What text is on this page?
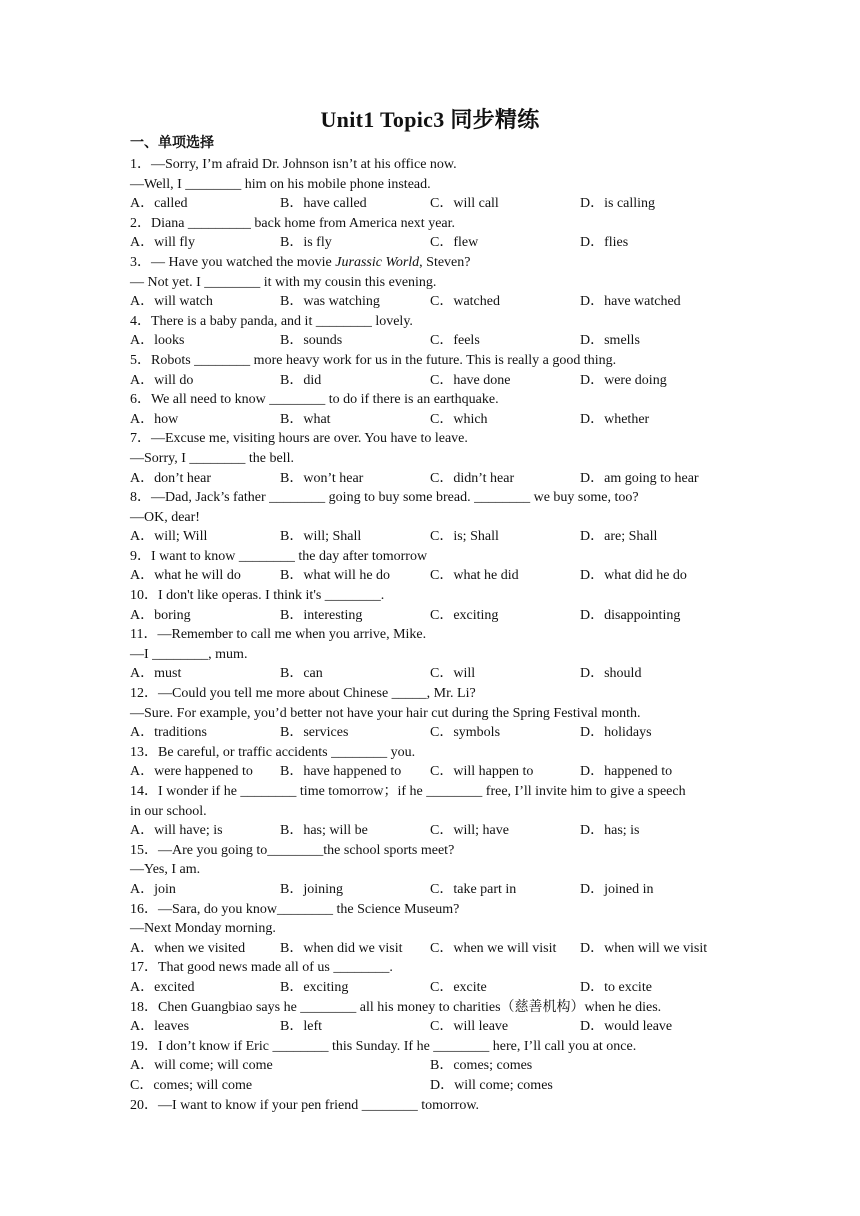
Unit1 Topic3 同步精练
一、单项选择
1．—Sorry, I’m afraid Dr. Johnson isn’t at his office now.
—Well, I ________ him on his mobile phone instead.
A．called	B．have called	C．will call	D．is calling
2．Diana _________ back home from America next year.
A．will fly	B．is fly	C．flew	D．flies
3．— Have you watched the movie Jurassic World, Steven?
— Not yet. I ________ it with my cousin this evening.
A．will watch	B．was watching	C．watched	D．have watched
4．There is a baby panda, and it ________ lovely.
A．looks	B．sounds	C．feels	D．smells
5．Robots ________ more heavy work for us in the future. This is really a good thing.
A．will do	B．did	C．have done	D．were doing
6．We all need to know ________ to do if there is an earthquake.
A．how	B．what	C．which	D．whether
7．—Excuse me, visiting hours are over. You have to leave.
—Sorry, I ________ the bell.
A．don’t hear	B．won’t hear	C．didn’t hear	D．am going to hear
8．—Dad, Jack’s father ________ going to buy some bread. ________ we buy some, too?
—OK, dear!
A．will; Will	B．will; Shall	C．is; Shall	D．are; Shall
9．I want to know ________ the day after tomorrow
A．what he will do	B．what will he do	C．what he did	D．what did he do
10．I don't like operas. I think it's ________.
A．boring	B．interesting	C．exciting	D．disappointing
11．—Remember to call me when you arrive, Mike.
—I ________, mum.
A．must	B．can	C．will	D．should
12．—Could you tell me more about Chinese _____, Mr. Li?
—Sure. For example, you’d better not have your hair cut during the Spring Festival month.
A．traditions	B．services	C．symbols	D．holidays
13．Be careful, or traffic accidents ________ you.
A．were happened to	B．have happened to	C．will happen to	D．happened to
14．I wonder if he ________ time tomorrow；if he ________ free, I’ll invite him to give a speech
in our school.
A．will have; is	B．has; will be	C．will; have	D．has; is
15．—Are you going to________the school sports meet?
—Yes, I am.
A．join	B．joining	C．take part in	D．joined in
16．—Sara, do you know________ the Science Museum?
—Next Monday morning.
A．when we visited	B．when did we visit	C．when we will visit	D．when will we visit
17．That good news made all of us ________.
A．excited	B．exciting	C．excite	D．to excite
18．Chen Guangbiao says he ________ all his money to charities（慈善机构）when he dies.
A．leaves	B．left	C．will leave	D．would leave
19．I don’t know if Eric ________ this Sunday. If he ________ here, I’ll call you at once.
A．will come; will come	B．comes; comes
C．comes; will come	D．will come; comes
20．—I want to know if your pen friend ________ tomorrow.
